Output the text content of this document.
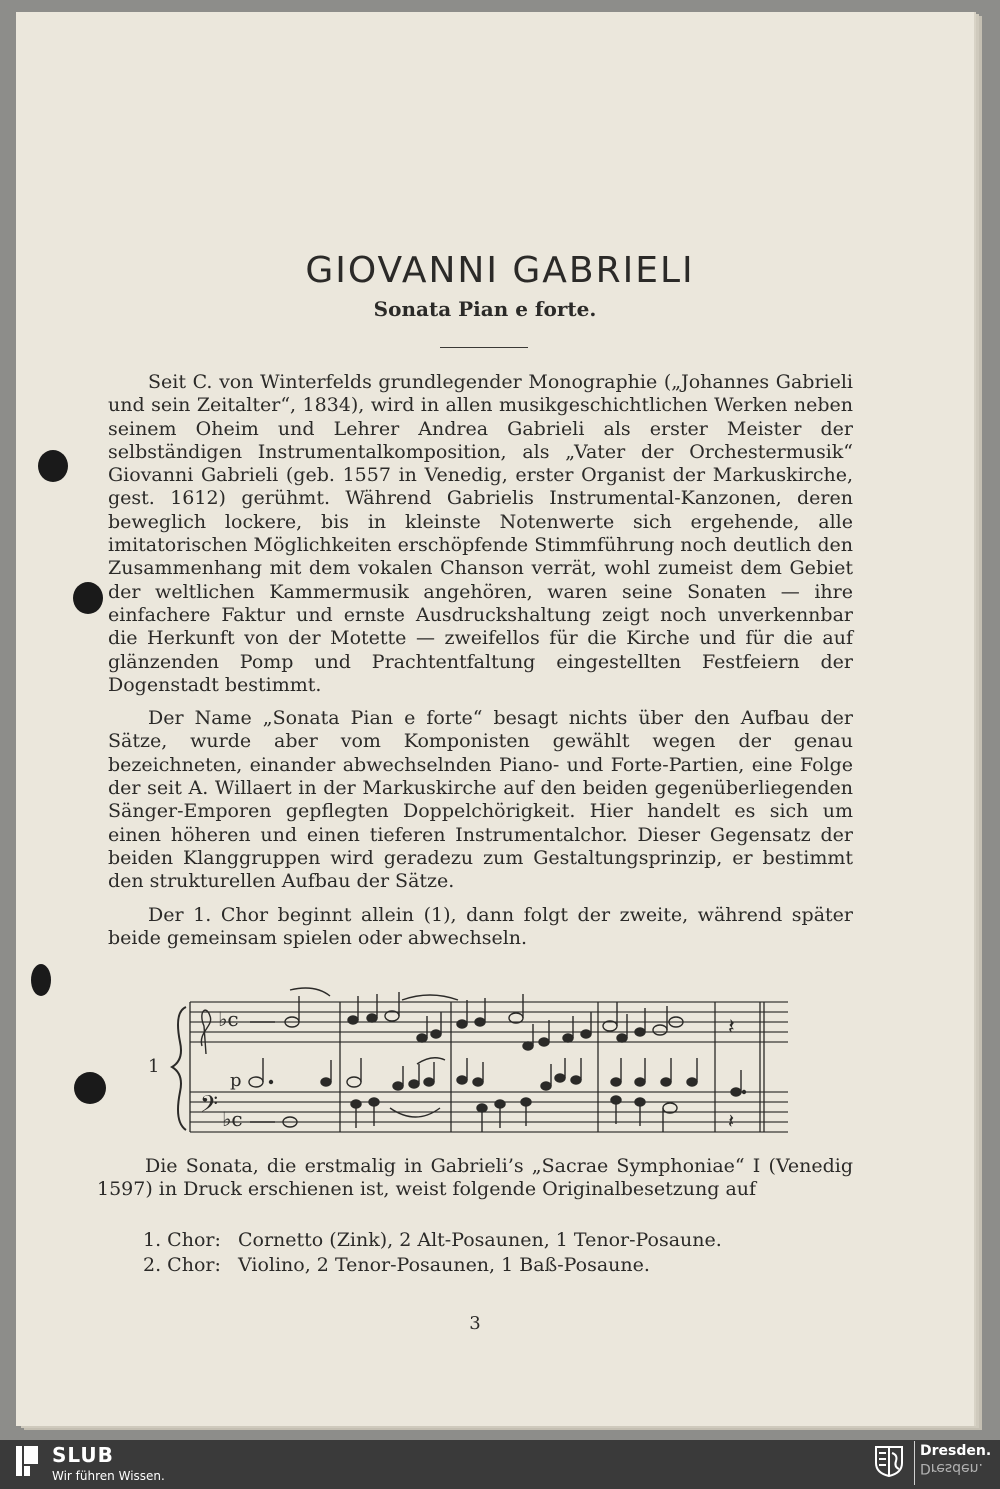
GIOVANNI GABRIELI
Sonata Pian e forte.

Seit C. von Winterfelds grundlegender Monographie („Johannes Gabrieli und sein Zeitalter“, 1834), wird in allen musikgeschichtlichen Werken neben seinem Oheim und Lehrer Andrea Gabrieli als erster Meister der selbständigen Instrumentalkomposition, als „Vater der Orchestermusik“ Giovanni Gabrieli (geb. 1557 in Venedig, erster Organist der Markuskirche, gest. 1612) gerühmt. Während Gabrielis Instrumental-Kanzonen, deren beweglich lockere, bis in kleinste Notenwerte sich ergehende, alle imitatorischen Möglichkeiten erschöpfende Stimmführung noch deutlich den Zusammenhang mit dem vokalen Chanson verrät, wohl zumeist dem Gebiet der weltlichen Kammermusik angehören, waren seine Sonaten — ihre einfachere Faktur und ernste Ausdruckshaltung zeigt noch unverkennbar die Herkunft von der Motette — zweifellos für die Kirche und für die auf glänzenden Pomp und Prachtentfaltung eingestellten Festfeiern der Dogenstadt bestimmt.

Der Name „Sonata Pian e forte“ besagt nichts über den Aufbau der Sätze, wurde aber vom Komponisten gewählt wegen der genau bezeichneten, einander abwechselnden Piano- und Forte-Partien, eine Folge der seit A. Willaert in der Markuskirche auf den beiden gegenüberliegenden Sänger-Emporen gepflegten Doppelchörigkeit. Hier handelt es sich um einen höheren und einen tieferen Instrumentalchor. Dieser Gegensatz der beiden Klanggruppen wird geradezu zum Gestaltungsprinzip, er bestimmt den strukturellen Aufbau der Sätze.

Der 1. Chor beginnt allein (1), dann folgt der zweite, während später beide gemeinsam spielen oder abwechseln.

1
♭c
𝄢 ♭c
p
𝄽
𝄽

Die Sonata, die erstmalig in Gabrieli’s „Sacrae Symphoniae“ I (Venedig 1597) in Druck erschienen ist, weist folgende Originalbesetzung auf

1. Chor: Cornetto (Zink), 2 Alt-Posaunen, 1 Tenor-Posaune.
2. Chor: Violino, 2 Tenor-Posaunen, 1 Baß-Posaune.
3
SLUB
Wir führen Wissen.
Dresden.
Dresden.
